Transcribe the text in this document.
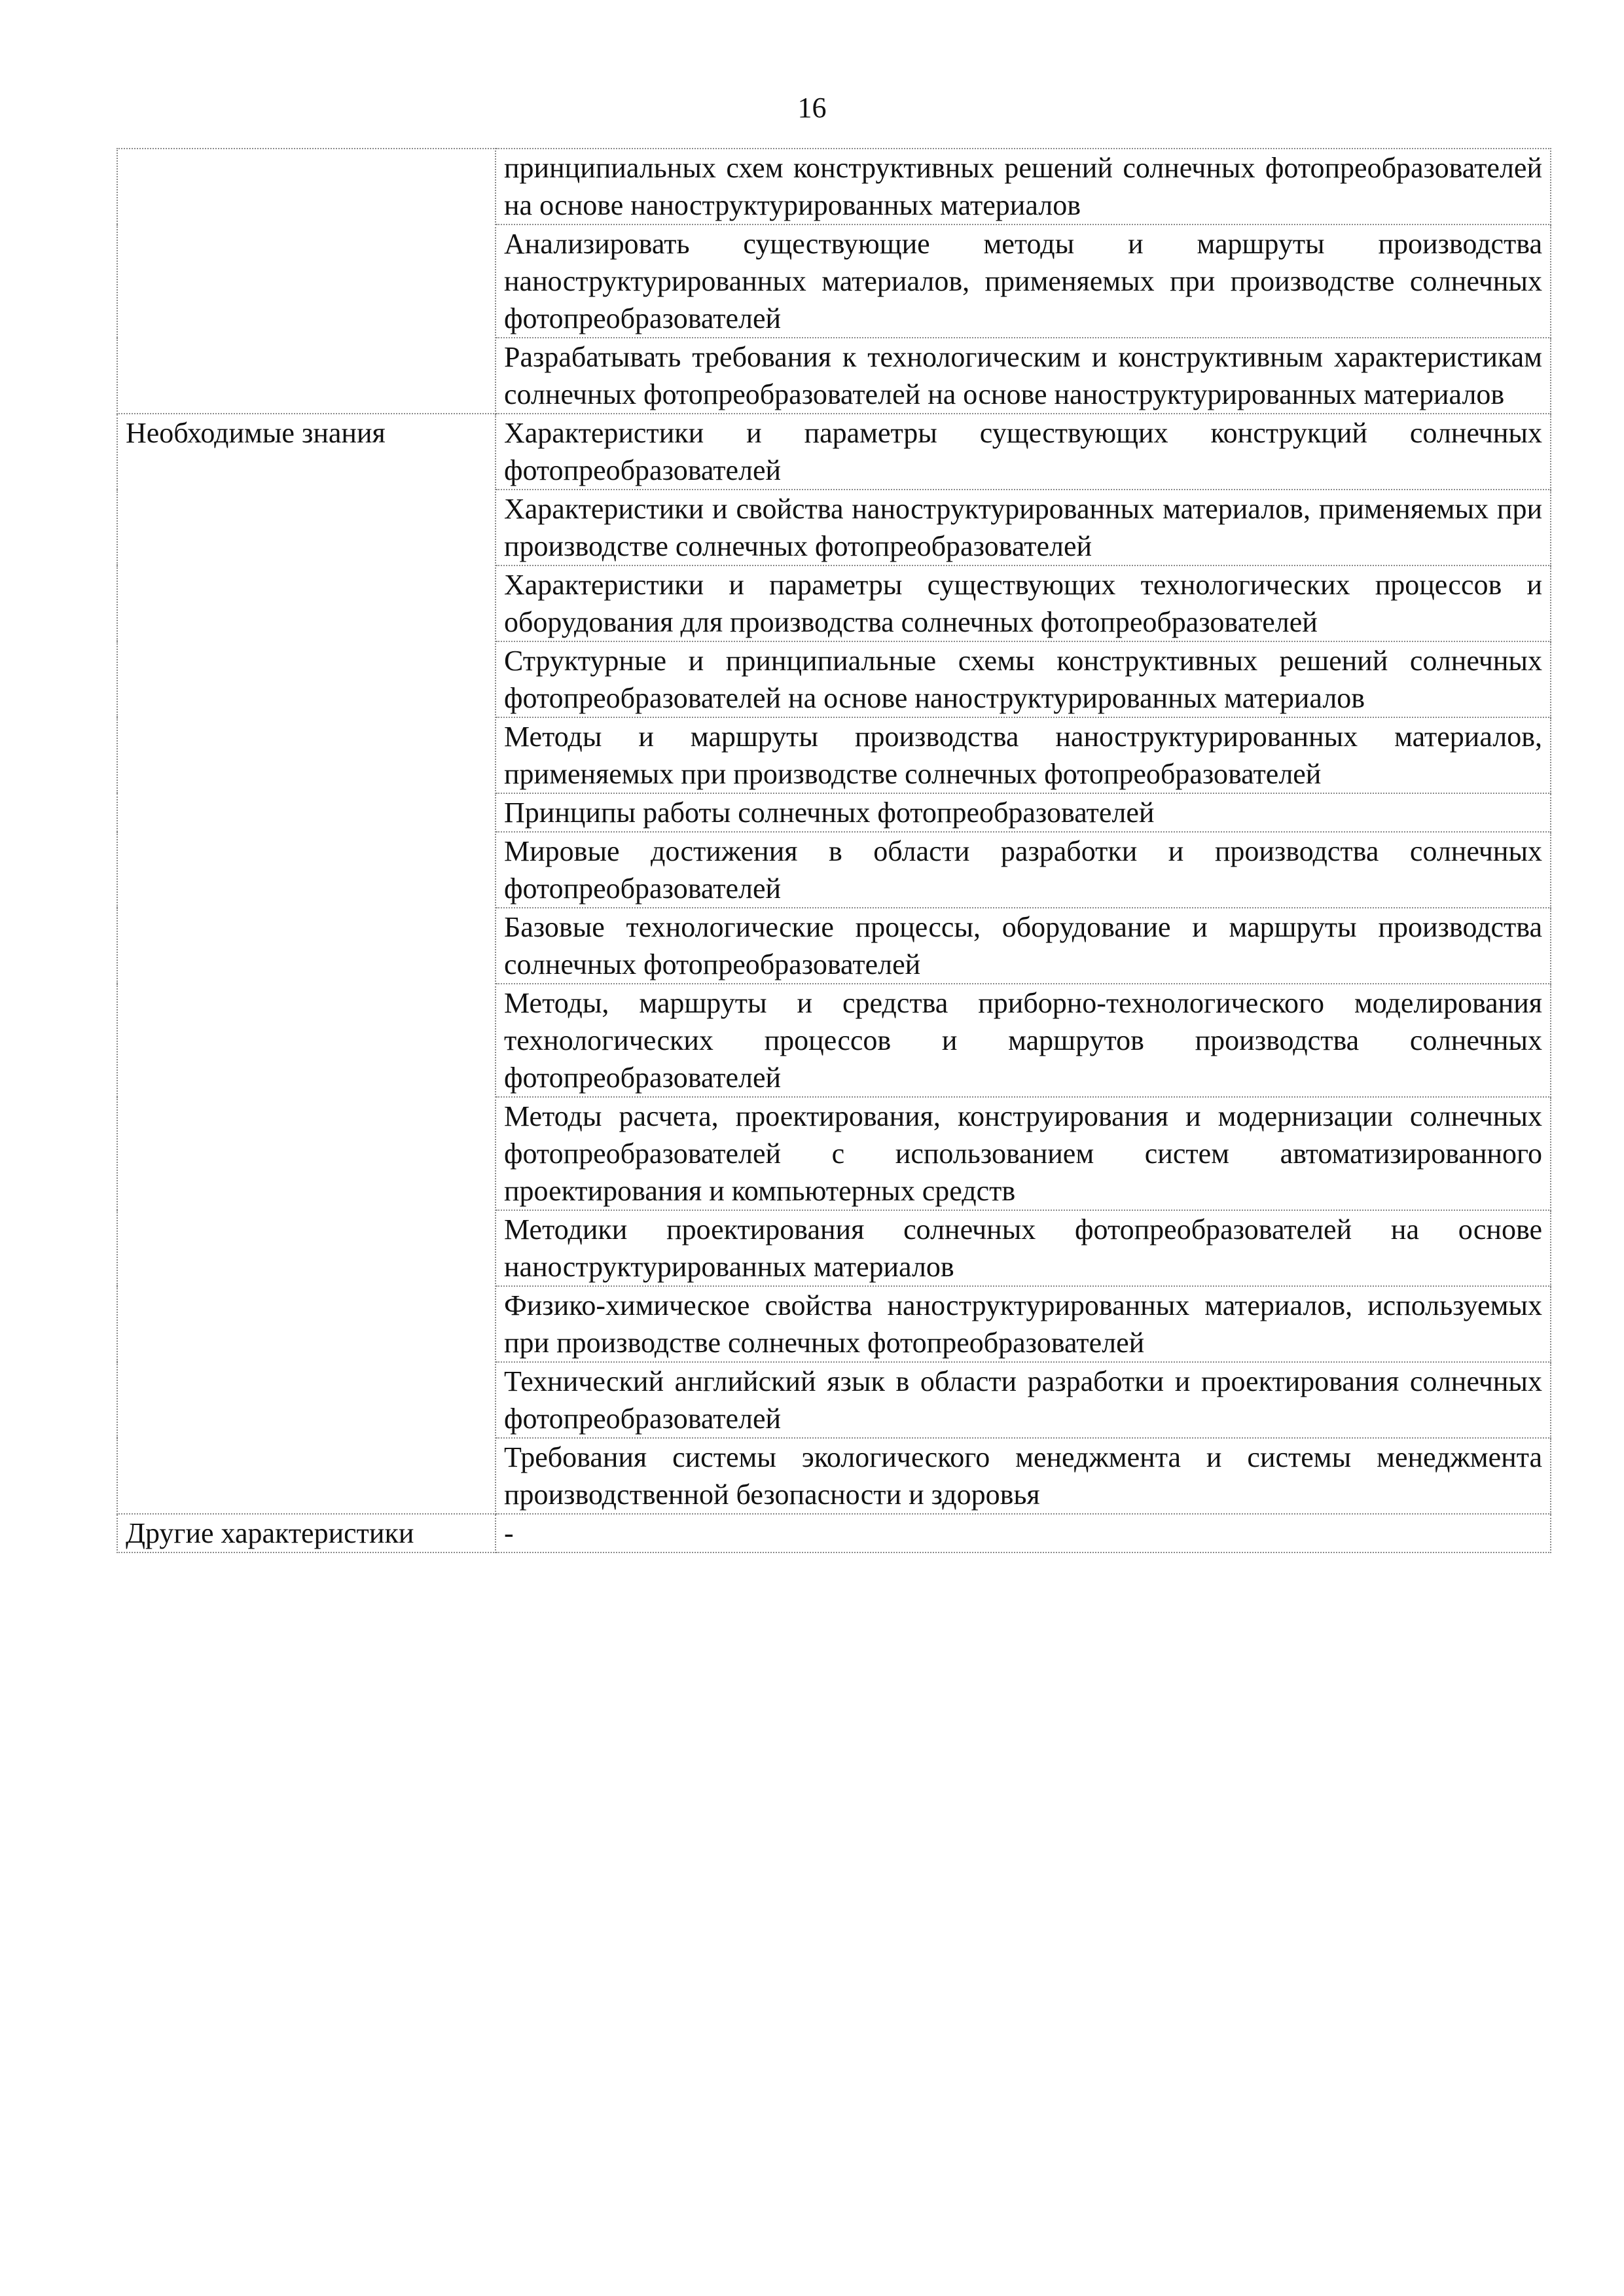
16
	принципиальных схем конструктивных решений солнечных фотопреобразователей на основе наноструктурированных материалов
	Анализировать существующие методы и маршруты производства наноструктурированных материалов, применяемых при производстве солнечных фотопреобразователей
	Разрабатывать требования к технологическим и конструктивным характеристикам солнечных фотопреобразователей на основе наноструктурированных материалов
Необходимые знания	Характеристики и параметры существующих конструкций солнечных фотопреобразователей
	Характеристики и свойства наноструктурированных материалов, применяемых при производстве солнечных фотопреобразователей
	Характеристики и параметры существующих технологических процессов и оборудования для производства солнечных фотопреобразователей
	Структурные и принципиальные схемы конструктивных решений солнечных фотопреобразователей на основе наноструктурированных материалов
	Методы и маршруты производства наноструктурированных материалов, применяемых при производстве солнечных фотопреобразователей
	Принципы работы солнечных фотопреобразователей
	Мировые достижения в области разработки и производства солнечных фотопреобразователей
	Базовые технологические процессы, оборудование и маршруты производства солнечных фотопреобразователей
	Методы, маршруты и средства приборно-технологического моделирования технологических процессов и маршрутов производства солнечных фотопреобразователей
	Методы расчета, проектирования, конструирования и модернизации солнечных фотопреобразователей с использованием систем автоматизированного проектирования и компьютерных средств
	Методики проектирования солнечных фотопреобразователей на основе наноструктурированных материалов
	Физико-химическое свойства наноструктурированных материалов, используемых при производстве солнечных фотопреобразователей
	Технический английский язык в области разработки и проектирования солнечных фотопреобразователей
	Требования системы экологического менеджмента и системы менеджмента производственной безопасности и здоровья
Другие характеристики	-
